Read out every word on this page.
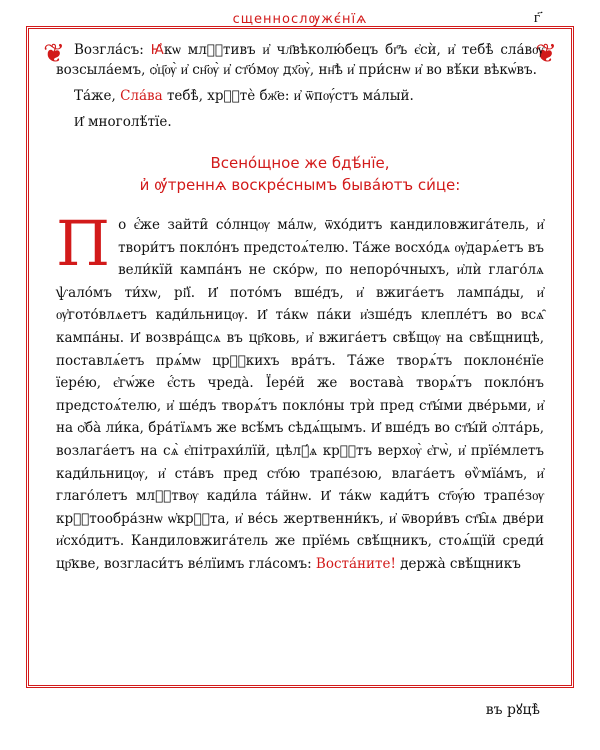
❦	❦
сщенносл​ѹжє́нїѧ	г҃

Возгла́съ: Ꙗ҆кѡ млⷭ҇тивъ и҆ чл҃вѣколю́бецъ бг҃ъ є҆сѝ, и҆ тебѣ̀ сла́вѹ возсыла́емъ, ѻ҆ц҃ѹ̀ и҆ сн҃ѹ̀ и҆ ст҃о́мѹ дх҃ѹ̀, нн҃ѣ и҆ при́снѡ и҆ во вѣ́ки вѣкѡ́въ.

Та́же, Сла́ва тебѣ̀, хрⷭ҇тѐ бж҃е: и҆ ѿпѹ́стъ ма́лый.

И҆ многолѣ́тїе.

Всено́щное же бдѣ́нїе,
и҆ ѹ҆́треннѧ воскре́снымъ быва́ютъ си́це:

По є҆́же зайти̑ со́лнцѹ ма́лѡ, ѿхо́дитъ кандиловжига́тель, и҆ твори́тъ покло́нъ предстоѧ́телю. Та́же воcхо́дѧ ѹ҆дарѧ́етъ въ вели́кїй кампа́нъ не ско́рѡ, по непоро́чныхъ, и҆лѝ глаго́лѧ ѱало́мъ ти́хѡ, рі҃ї. И҆ пото́мъ вше́дъ, и҆ вжига́етъ лампа́ды, и҆ ѹ҆гото́влѧетъ кади́льницѹ. И҆ та́кѡ па́ки и҆зше́дъ клепле́тъ во всѧ̑ кампа́ны. И҆ возвра́щсѧ въ цр҃ковь, и҆ вжига́етъ свѣ́щѹ на свѣ́щницѣ, поставлѧ́етъ прѧ́мѡ црⷭ҇кихъ вра́тъ. Та́же творѧ́тъ поклонє́нїе їере́ю, є҆гѡ́же є҆́сть чреда̀. Їере́й же востава̀ творѧ́тъ покло́нъ предстоѧ́телю, и҆ ше́дъ творѧ́тъ покло́ны трѝ пред ст҃ы́ми две́рьми, и҆ на ѻ҆ба̀ ли́ка, бра́тїѧмъ же всѣ́мъ сѣдѧ́щымъ. И҆ вше́дъ во ст҃ы́й ѻ҆лта́рь, возлага́етъ на сѧ̀ є҆пітрахи́лїй, цѣлꙋ́ѧ крⷭ҇тъ верхѹ̀ є҆гѡ̀, и҆ прїе́млетъ кади́льницѹ, и҆ ста́въ пред ст҃о́ю трапе́зою, влага́етъ ѳѷмїа́мъ, и҆ глаго́летъ млⷭ҇твѹ кади́ла та́йнѡ. И҆ та́кѡ кади́тъ ст҃ѹ́ю трапе́зѹ крⷭ҇тообра́знѡ ѡ҆крⷭ҇та, и҆ ве́сь жертвенни́къ, и҆ ѿвори́въ ст҃ы̑ѧ две́ри и҆схо́дитъ. Кандиловжига́тель же прїе́мь свѣ́щникъ, стоѧ́щїй среди́ цр҃кве, возгласи́тъ ве́лїимъ гла́сомъ: Воста́ните! держа̀ свѣ́щникъ

въ рꙋцѣ̀
